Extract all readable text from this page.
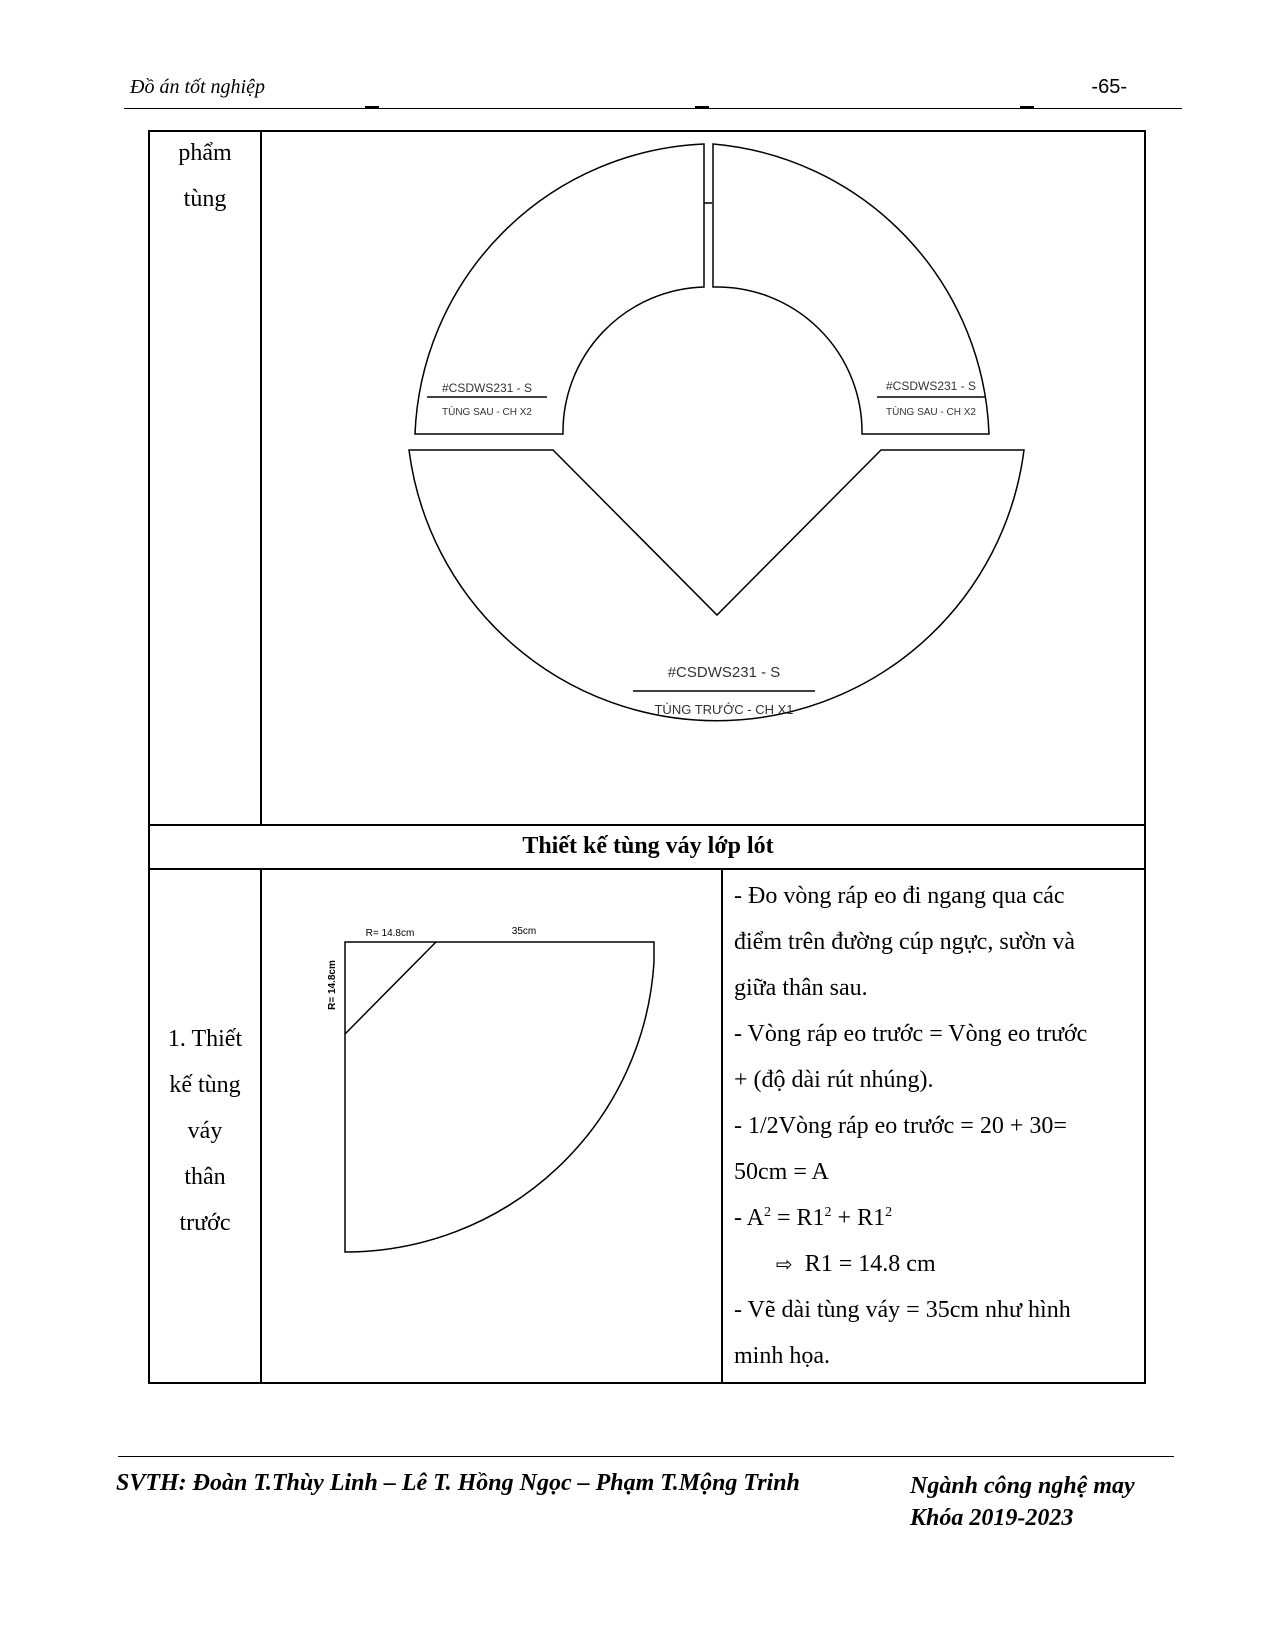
Đồ án tốt nghiệp	-65-
phẩm
tùng
#CSDWS231 - S
TÙNG SAU - CH X2
#CSDWS231 - S
TÙNG SAU - CH X2
#CSDWS231 - S
TÙNG TRƯỚC - CH X1
Thiết kế tùng váy lớp lót
1. Thiết
kế tùng
váy
thân
trước
R= 14.8cm	35cm
R= 14.8cm
- Đo vòng ráp eo đi ngang qua các
điểm trên đường cúp ngực, sườn và
giữa thân sau.
- Vòng ráp eo trước = Vòng eo trước
+ (độ dài rút nhúng).
- 1/2Vòng ráp eo trước = 20 + 30=
50cm = A
- $A^2 = R1^2 + R1^2$
⇨ R1 = 14.8 cm
- Vẽ dài tùng váy = 35cm như hình
minh họa.
SVTH: Đoàn T.Thùy Linh – Lê T. Hồng Ngọc – Phạm T.Mộng Trinh	Ngành công nghệ may
Khóa 2019-2023
